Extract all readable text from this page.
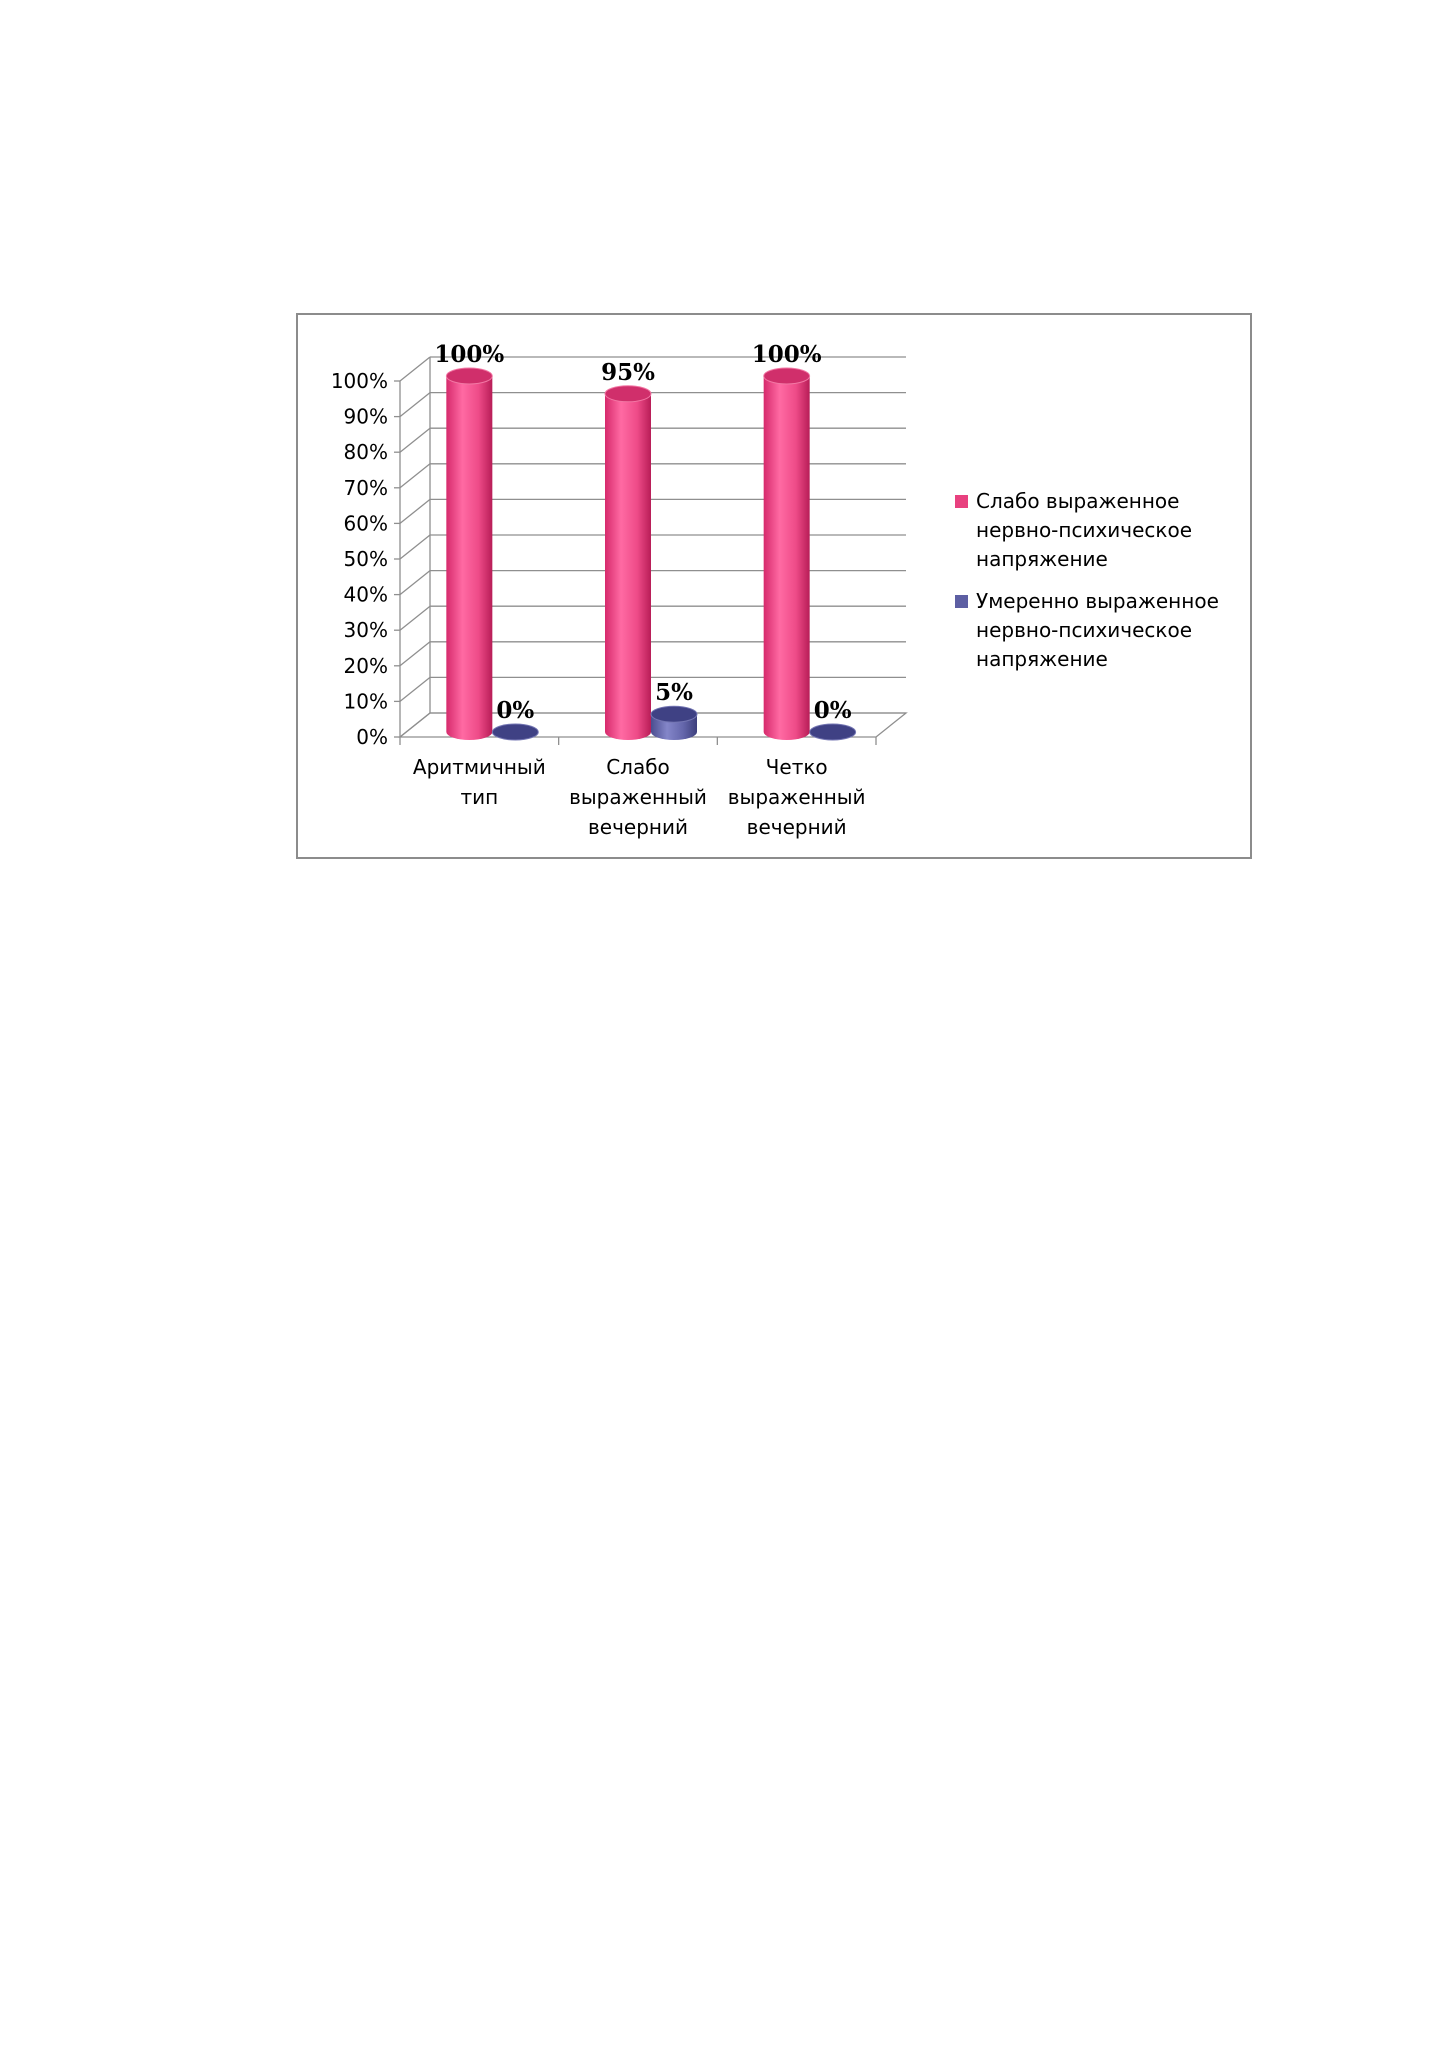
0%
10%
20%
30%
40%
50%
60%
70%
80%
90%
100%
Аритмичный тип
Слабо выраженный вечерний
Четко выраженный вечерний
100%
0%
95%
5%
100%
0%
Слабо выраженное нервно-психическое напряжение
Умеренно выраженное нервно-психическое напряжение
